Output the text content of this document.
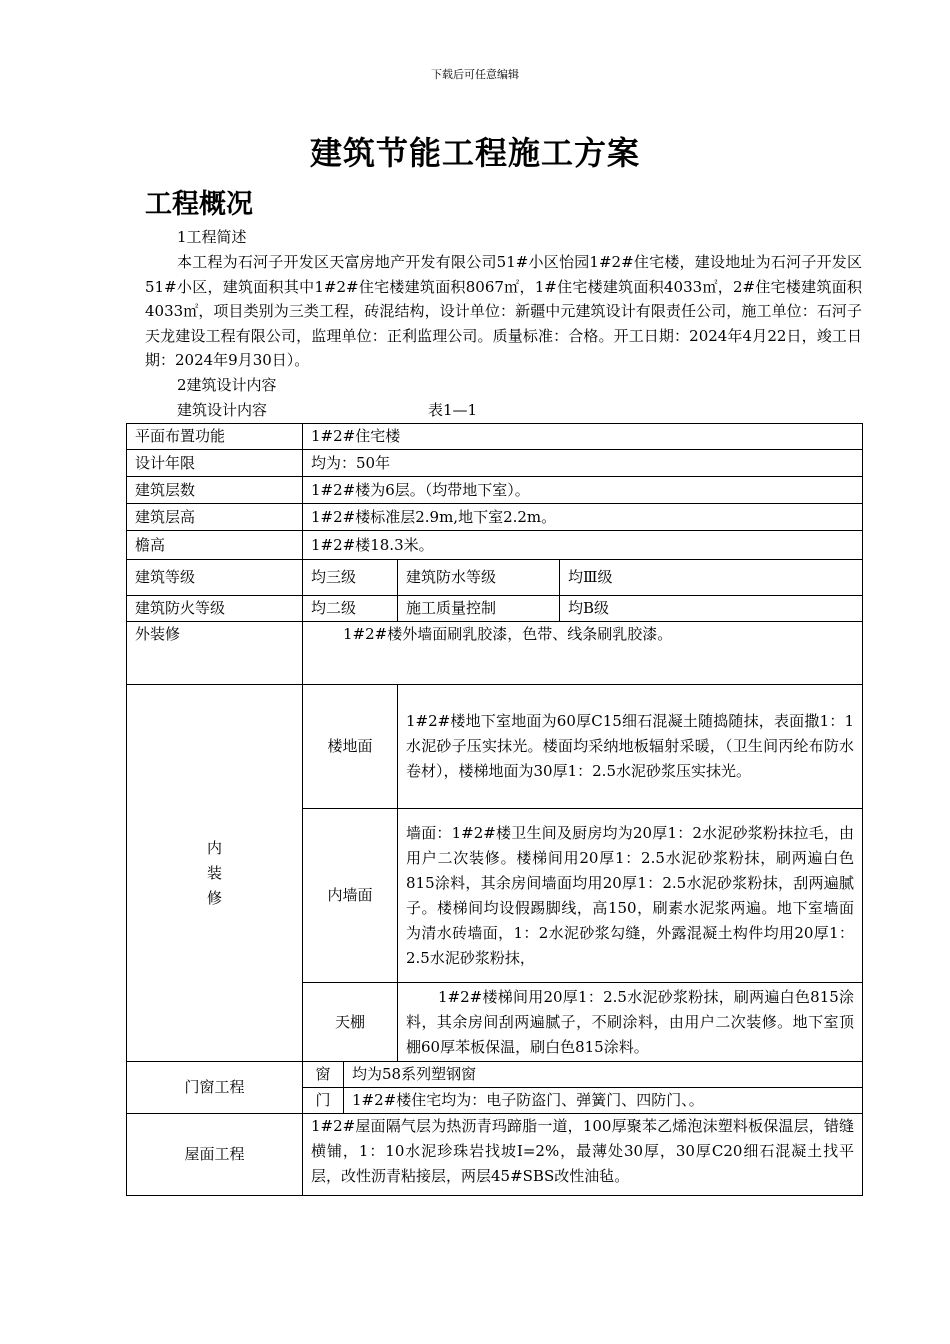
下载后可任意编辑
建筑节能工程施工方案
工程概况
1工程简述
本工程为石河子开发区天富房地产开发有限公司51#小区怡园1#2#住宅楼，建设地址为石河子开发区51#小区，建筑面积其中1#2#住宅楼建筑面积8067㎡，1#住宅楼建筑面积4033㎡，2#住宅楼建筑面积4033㎡，项目类别为三类工程，砖混结构，设计单位：新疆中元建筑设计有限责任公司，施工单位：石河子天龙建设工程有限公司，监理单位：正利监理公司。质量标准：合格。开工日期：2024年4月22日，竣工日期：2024年9月30日）。
2建筑设计内容
建筑设计内容	表1—1
平面布置功能	1#2#住宅楼			
设计年限	均为：50年			
建筑层数	1#2#楼为6层。（均带地下室）。			
建筑层高	1#2#楼标准层2.9m,地下室2.2m。			
檐高	1#2#楼18.3米。			
建筑等级	均三级		建筑防水等级	均Ⅲ级
建筑防火等级	均二级		施工质量控制	均B级
外装修	1#2#楼外墙面刷乳胶漆，色带、线条刷乳胶漆。			

内
装
修	楼地面		1#2#楼地下室地面为60厚C15细石混凝土随捣随抹，表面撒1：1水泥砂子压实抹光。楼面均采纳地板辐射采暖，（卫生间丙纶布防水卷材），楼梯地面为30厚1：2.5水泥砂浆压实抹光。	
	内墙面		墙面：1#2#楼卫生间及厨房均为20厚1：2水泥砂浆粉抹拉毛，由用户二次装修。楼梯间用20厚1：2.5水泥砂浆粉抹，刷两遍白色815涂料，其余房间墙面均用20厚1：2.5水泥砂浆粉抹，刮两遍腻子。楼梯间均设假踢脚线，高150，刷素水泥浆两遍。地下室墙面为清水砖墙面，1：2水泥砂浆勾缝，外露混凝土构件均用20厚1：2.5水泥砂浆粉抹，	
	天棚		1#2#楼梯间用20厚1：2.5水泥砂浆粉抹，刷两遍白色815涂料，其余房间刮两遍腻子，不刷涂料，由用户二次装修。地下室顶棚60厚苯板保温，刷白色815涂料。	
门窗工程	窗	均为58系列塑钢窗		
	门	1#2#楼住宅均为：电子防盗门、弹簧门、四防门、。		
屋面工程	1#2#屋面隔气层为热沥青玛蹄脂一道，100厚聚苯乙烯泡沫塑料板保温层，错缝横铺，1：10水泥珍珠岩找坡I=2%，最薄处30厚，30厚C20细石混凝土找平层，改性沥青粘接层，两层45#SBS改性油毡。			
